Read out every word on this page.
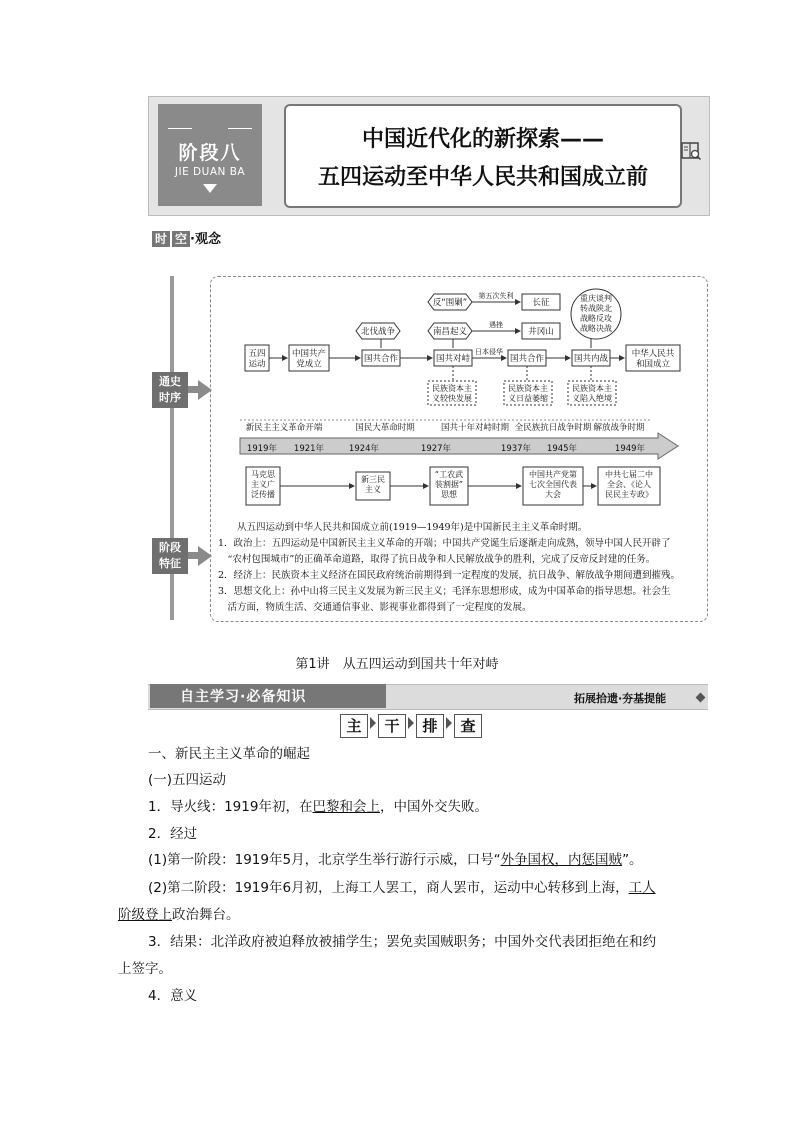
阶段八
JIE DUAN BA
中国近代化的新探索——
五四运动至中华人民共和国成立前
时 空 ·观念
通史
时序
阶段
特征
五四运动
中国共产党成立
国共合作	国共对峙	国共合作	国共内战	中华人民共和国成立
日本侵华
反“围剿”
南昌起义
北伐战争
长征
井冈山
第五次失利
遇挫
重庆谈判转战陕北战略反攻战略决战
民族资本主义较快发展
民族资本主义日益萎缩
民族资本主义陷入绝境
新民主主义革命开端	国民大革命时期	国共十年对峙时期 全民族抗日战争时期 解放战争时期
1919年 1921年	1924年	1927年	1937年 1945年	1949年
马克思主义广泛传播
新三民主义
“工农武装割据”思想
中国共产党第七次全国代表大会
中共七届二中全会、《论人民民主专政》

从五四运动到中华人民共和国成立前(1919—1949年)是中国新民主主义革命时期。

1．政治上：五四运动是中国新民主主义革命的开端；中国共产党诞生后逐渐走向成熟，领导中国人民开辟了

“农村包围城市”的正确革命道路，取得了抗日战争和人民解放战争的胜利，完成了反帝反封建的任务。

2．经济上：民族资本主义经济在国民政府统治前期得到一定程度的发展，抗日战争、解放战争期间遭到摧残。

3．思想文化上：孙中山将三民主义发展为新三民主义；毛泽东思想形成，成为中国革命的指导思想。社会生

活方面，物质生活、交通通信事业、影视事业都得到了一定程度的发展。

第1讲　从五四运动到国共十年对峙
自主学习·必备知识	拓展拾遗·夯基提能
主 干 排 查
一、新民主主义革命的崛起
(一)五四运动
1．导火线：1919年初，在巴黎和会上，中国外交失败。
2．经过
(1)第一阶段：1919年5月，北京学生举行游行示威，口号“外争国权，内惩国贼”。
(2)第二阶段：1919年6月初，上海工人罢工，商人罢市，运动中心转移到上海，工人
阶级登上政治舞台。
3．结果：北洋政府被迫释放被捕学生；罢免卖国贼职务；中国外交代表团拒绝在和约
上签字。
4．意义
